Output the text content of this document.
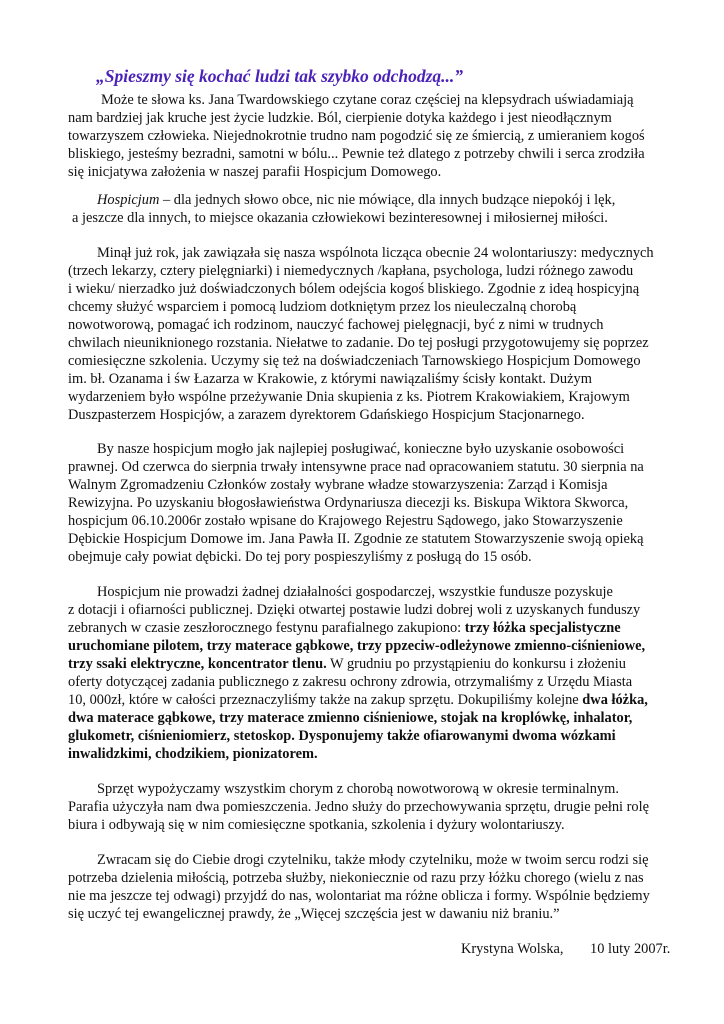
„Spieszmy się kochać ludzi tak szybko odchodzą...”

Może te słowa ks. Jana Twardowskiego czytane coraz częściej na klepsydrach uświadamiają

nam bardziej jak kruche jest życie ludzkie. Ból, cierpienie dotyka każdego i jest nieodłącznym

towarzyszem człowieka. Niejednokrotnie trudno nam pogodzić się ze śmiercią, z umieraniem kogoś

bliskiego, jesteśmy bezradni, samotni w bólu... Pewnie też dlatego z potrzeby chwili i serca zrodziła

się inicjatywa założenia w naszej parafii Hospicjum Domowego.

Hospicjum – dla jednych słowo obce, nic nie mówiące, dla innych budzące niepokój i lęk,

a jeszcze dla innych, to miejsce okazania człowiekowi bezinteresownej i miłosiernej miłości.

Minął już rok, jak zawiązała się nasza wspólnota licząca obecnie 24 wolontariuszy: medycznych

(trzech lekarzy, cztery pielęgniarki) i niemedycznych /kapłana, psychologa, ludzi różnego zawodu

i wieku/ nierzadko już doświadczonych bólem odejścia kogoś bliskiego. Zgodnie z ideą hospicyjną

chcemy służyć wsparciem i pomocą ludziom dotkniętym przez los nieuleczalną chorobą

nowotworową, pomagać ich rodzinom, nauczyć fachowej pielęgnacji, być z nimi w trudnych

chwilach nieuniknionego rozstania. Niełatwe to zadanie. Do tej posługi przygotowujemy się poprzez

comiesięczne szkolenia. Uczymy się też na doświadczeniach Tarnowskiego Hospicjum Domowego

im. bł. Ozanama i św Łazarza w Krakowie, z którymi nawiązaliśmy ścisły kontakt. Dużym

wydarzeniem było wspólne przeżywanie Dnia skupienia z ks. Piotrem Krakowiakiem, Krajowym

Duszpasterzem Hospicjów, a zarazem dyrektorem Gdańskiego Hospicjum Stacjonarnego.

By nasze hospicjum mogło jak najlepiej posługiwać, konieczne było uzyskanie osobowości

prawnej. Od czerwca do sierpnia trwały intensywne prace nad opracowaniem statutu. 30 sierpnia na

Walnym Zgromadzeniu Członków zostały wybrane władze stowarzyszenia: Zarząd i Komisja

Rewizyjna. Po uzyskaniu błogosławieństwa Ordynariusza diecezji ks. Biskupa Wiktora Skworca,

hospicjum 06.10.2006r zostało wpisane do Krajowego Rejestru Sądowego, jako Stowarzyszenie

Dębickie Hospicjum Domowe im. Jana Pawła II. Zgodnie ze statutem Stowarzyszenie swoją opieką

obejmuje cały powiat dębicki. Do tej pory pospieszyliśmy z posługą do 15 osób.

Hospicjum nie prowadzi żadnej działalności gospodarczej, wszystkie fundusze pozyskuje

z dotacji i ofiarności publicznej. Dzięki otwartej postawie ludzi dobrej woli z uzyskanych funduszy

zebranych w czasie zeszłorocznego festynu parafialnego zakupiono: trzy łóżka specjalistyczne

uruchomiane pilotem, trzy materace gąbkowe, trzy ppzeciw-odleżynowe zmienno-ciśnieniowe,

trzy ssaki elektryczne, koncentrator tlenu. W grudniu po przystąpieniu do konkursu i złożeniu

oferty dotyczącej zadania publicznego z zakresu ochrony zdrowia, otrzymaliśmy z Urzędu Miasta

10, 000zł, które w całości przeznaczyliśmy także na zakup sprzętu. Dokupiliśmy kolejne dwa łóżka,

dwa materace gąbkowe, trzy materace zmienno ciśnieniowe, stojak na kroplówkę, inhalator,

glukometr, ciśnieniomierz, stetoskop. Dysponujemy także ofiarowanymi dwoma wózkami

inwalidzkimi, chodzikiem, pionizatorem.

Sprzęt wypożyczamy wszystkim chorym z chorobą nowotworową w okresie terminalnym.

Parafia użyczyła nam dwa pomieszczenia. Jedno służy do przechowywania sprzętu, drugie pełni rolę

biura i odbywają się w nim comiesięczne spotkania, szkolenia i dyżury wolontariuszy.

Zwracam się do Ciebie drogi czytelniku, także młody czytelniku, może w twoim sercu rodzi się

potrzeba dzielenia miłością, potrzeba służby, niekoniecznie od razu przy łóżku chorego (wielu z nas

nie ma jeszcze tej odwagi) przyjdź do nas, wolontariat ma różne oblicza i formy. Wspólnie będziemy

się uczyć tej ewangelicznej prawdy, że „Więcej szczęścia jest w dawaniu niż braniu.”

Krystyna Wolska, 10 luty 2007r.
